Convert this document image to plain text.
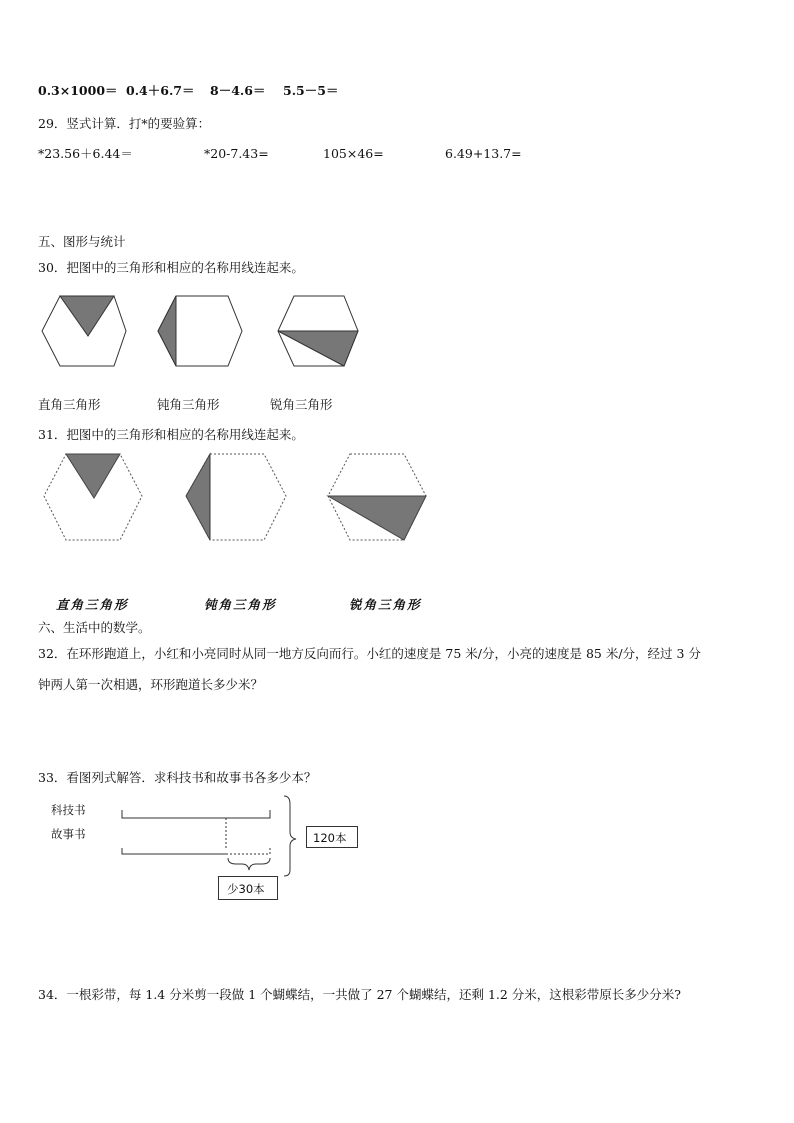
0.3×1000＝ 0.4＋6.7＝ 8－4.6＝ 5.5－5＝
29．竖式计算．打*的要验算：
*23.56＋6.44＝	*20-7.43=	105×46=	6.49+13.7=
五、图形与统计
30．把图中的三角形和相应的名称用线连起来。
直角三角形	钝角三角形	锐角三角形
31．把图中的三角形和相应的名称用线连起来。
直角三角形	钝角三角形	锐角三角形
六、生活中的数学。
32．在环形跑道上，小红和小亮同时从同一地方反向而行。小红的速度是 75 米/分，小亮的速度是 85 米/分，经过 3 分
钟两人第一次相遇，环形跑道长多少米？
33．看图列式解答．求科技书和故事书各多少本？
科技书
故事书	120本
少30本
34．一根彩带，每 1.4 分米剪一段做 1 个蝴蝶结，一共做了 27 个蝴蝶结，还剩 1.2 分米，这根彩带原长多少分米?
